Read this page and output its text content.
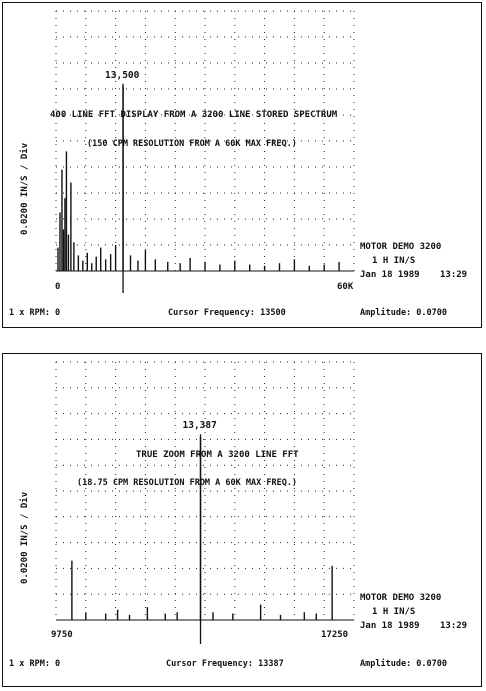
13,500
400 LINE FFT DISPLAY FROM A 3200 LINE STORED SPECTRUM
(150 CPM RESOLUTION FROM A 60K MAX FREQ.)
0.0200 IN/S / Div
0	60K
MOTOR DEMO 3200
1 H IN/S
Jan 18 1989 13:29
1 x RPM: 0	Cursor Frequency: 13500	Amplitude: 0.0700
13,387
TRUE ZOOM FROM A 3200 LINE FFT
(18.75 CPM RESOLUTION FROM A 60K MAX FREQ.)
0.0200 IN/S / Div
9750	17250
MOTOR DEMO 3200
1 H IN/S
Jan 18 1989 13:29
1 x RPM: 0	Cursor Frequency: 13387	Amplitude: 0.0700
